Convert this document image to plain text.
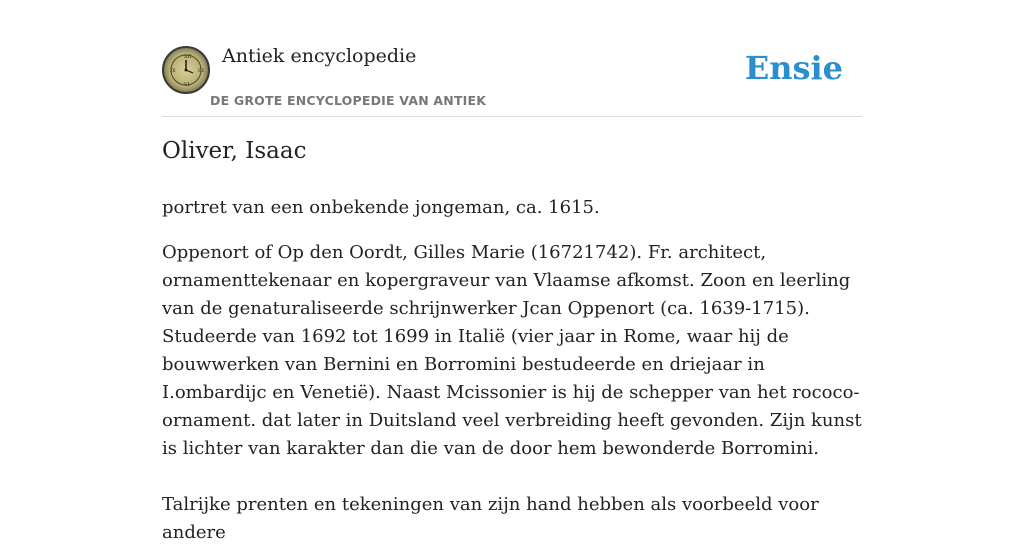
XII
III
VI
IX
Antiek encyclopedie
DE GROTE ENCYCLOPEDIE VAN ANTIEK
Ensie
Oliver, Isaac

portret van een onbekende jongeman, ca. 1615.

Oppenort of Op den Oordt, Gilles Marie (16721742). Fr. architect, ornamenttekenaar en kopergraveur van Vlaamse afkomst. Zoon en leerling van de genaturaliseerde schrijnwerker Jcan Oppenort (ca. 1639-1715). Studeerde van 1692 tot 1699 in Italië (vier jaar in Rome, waar hij de bouwwerken van Bernini en Borromini bestudeerde en driejaar in I.ombardijc en Venetië). Naast Mcissonier is hij de schepper van het rococo-ornament. dat later in Duitsland veel verbreiding heeft gevonden. Zijn kunst is lichter van karakter dan die van de door hem bewonderde Borromini.

Talrijke prenten en tekeningen van zijn hand hebben als voorbeeld voor andere
